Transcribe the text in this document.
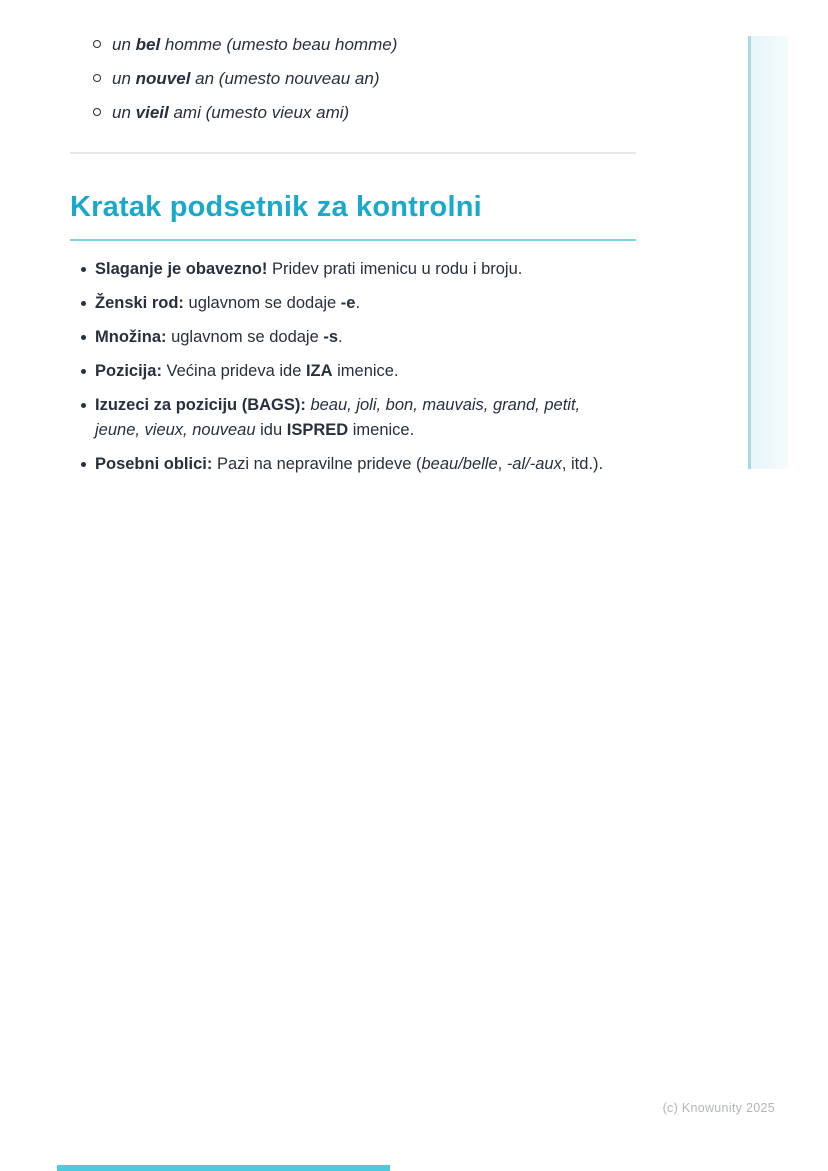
un bel homme (umesto beau homme)
un nouvel an (umesto nouveau an)
un vieil ami (umesto vieux ami)
Kratak podsetnik za kontrolni
Slaganje je obavezno! Pridev prati imenicu u rodu i broju.
Ženski rod: uglavnom se dodaje -e.
Množina: uglavnom se dodaje -s.
Pozicija: Većina prideva ide IZA imenice.
Izuzeci za poziciju (BAGS): beau, joli, bon, mauvais, grand, petit,
jeune, vieux, nouveau idu ISPRED imenice.
Posebni oblici: Pazi na nepravilne prideve (beau/belle, -al/-aux, itd.).
(c) Knowunity 2025
